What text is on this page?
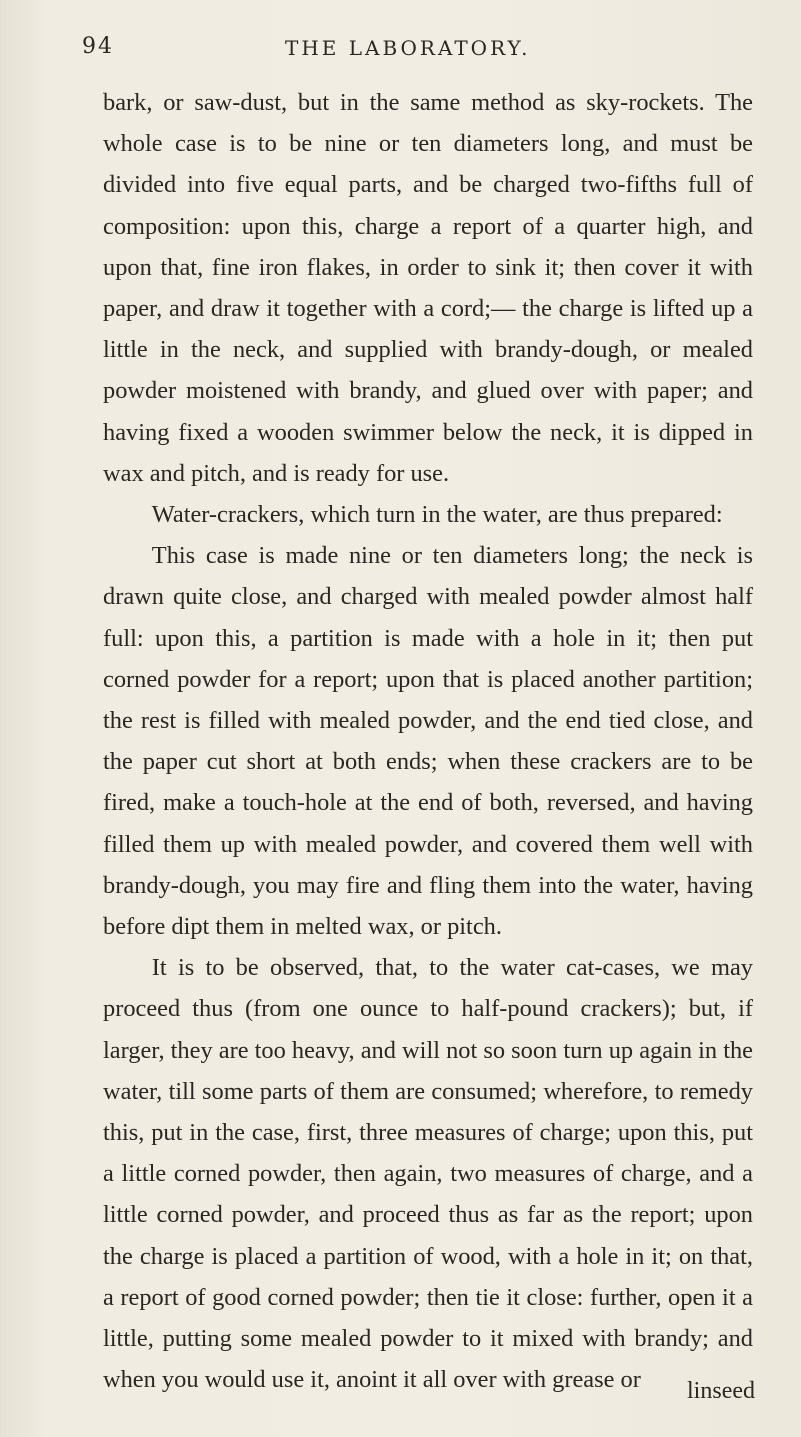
94	THE LABORATORY.

bark, or saw-dust, but in the same method as sky-rockets. The whole case is to be nine or ten diameters long, and must be divided into five equal parts, and be charged two-fifths full of composition: upon this, charge a report of a quarter high, and upon that, fine iron flakes, in order to sink it; then cover it with paper, and draw it together with a cord;— the charge is lifted up a little in the neck, and supplied with brandy-dough, or mealed powder moistened with brandy, and glued over with paper; and having fixed a wooden swimmer below the neck, it is dipped in wax and pitch, and is ready for use.

Water-crackers, which turn in the water, are thus prepared:

This case is made nine or ten diameters long; the neck is drawn quite close, and charged with mealed powder almost half full: upon this, a partition is made with a hole in it; then put corned powder for a report; upon that is placed another partition; the rest is filled with mealed powder, and the end tied close, and the paper cut short at both ends; when these crackers are to be fired, make a touch-hole at the end of both, reversed, and having filled them up with mealed powder, and covered them well with brandy-dough, you may fire and fling them into the water, having before dipt them in melted wax, or pitch.

It is to be observed, that, to the water cat-cases, we may proceed thus (from one ounce to half-pound crackers); but, if larger, they are too heavy, and will not so soon turn up again in the water, till some parts of them are consumed; wherefore, to remedy this, put in the case, first, three measures of charge; upon this, put a little corned powder, then again, two measures of charge, and a little corned powder, and proceed thus as far as the report; upon the charge is placed a partition of wood, with a hole in it; on that, a report of good corned powder; then tie it close: further, open it a little, putting some mealed powder to it mixed with brandy; and when you would use it, anoint it all over with grease or	linseed
